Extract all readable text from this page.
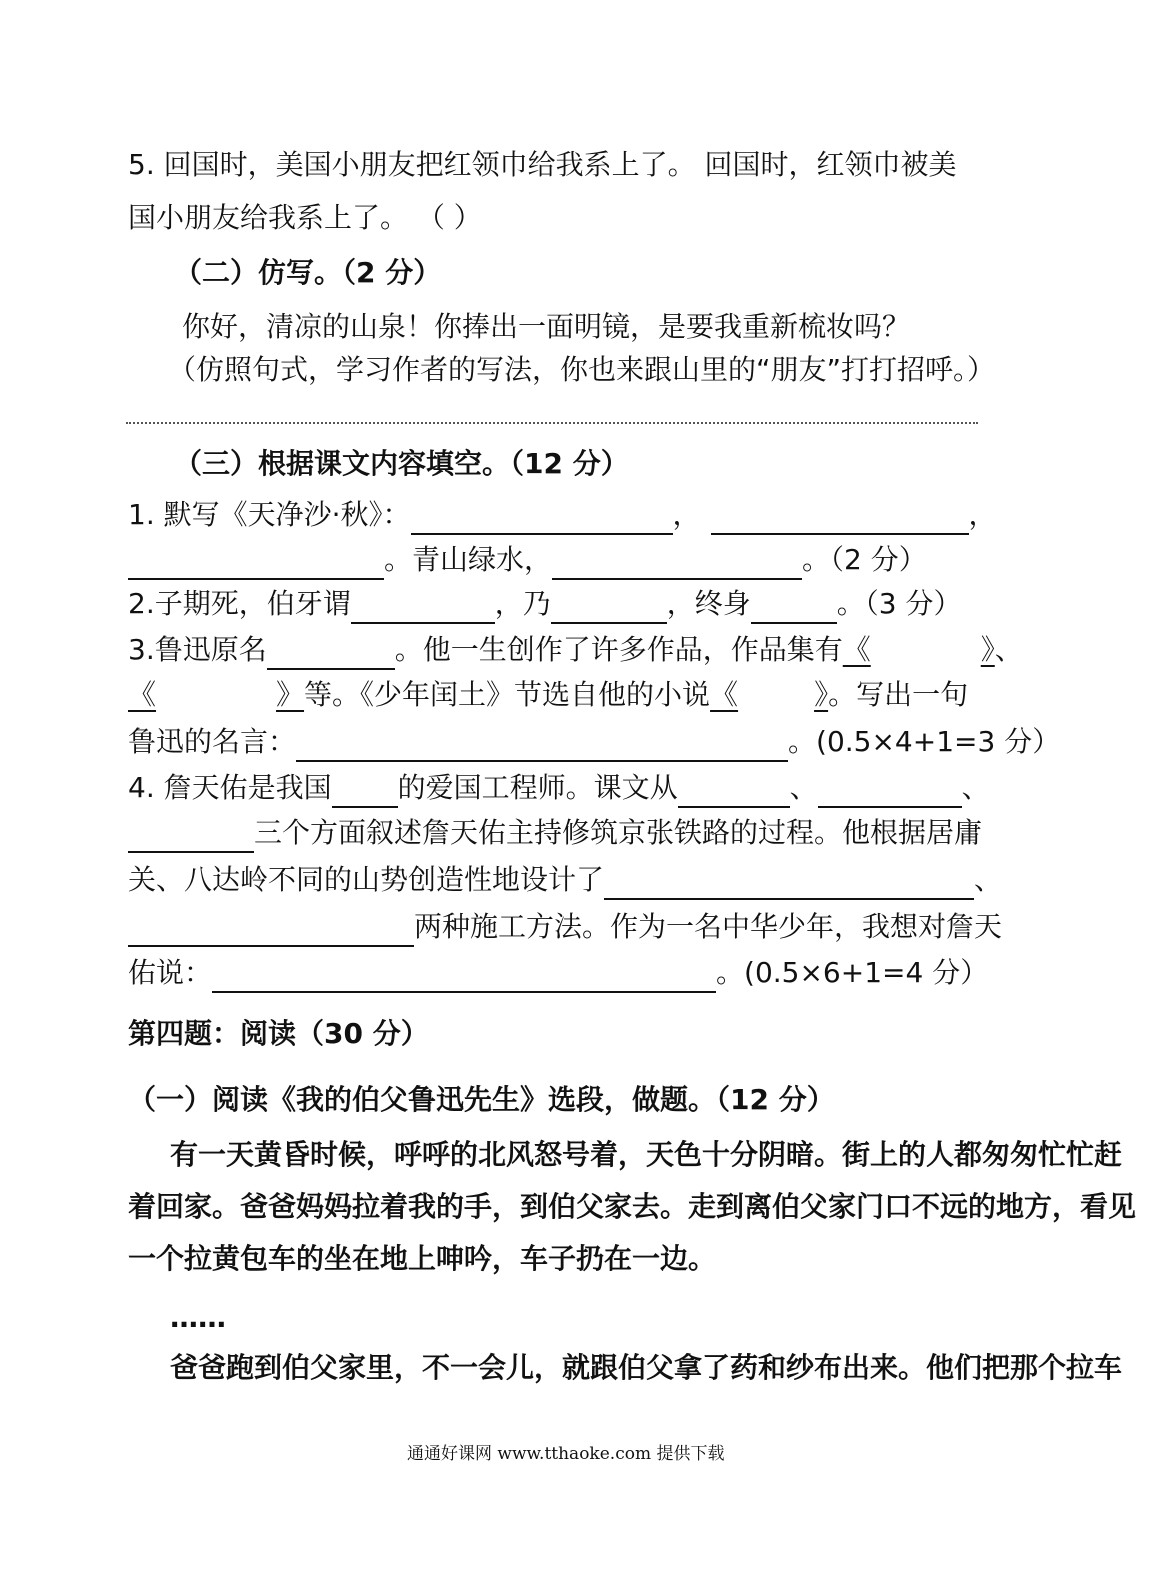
5. 回国时，美国小朋友把红领巾给我系上了。 回国时，红领巾被美
国小朋友给我系上了。 （ ）
（二）仿写。（2 分）
你好，清凉的山泉！你捧出一面明镜，是要我重新梳妆吗？
（仿照句式，学习作者的写法，你也来跟山里的“朋友”打打招呼。）
（三）根据课文内容填空。（12 分）
1. 默写《天净沙·秋》：	，	，
。青山绿水，	。（2 分）
2.子期死，伯牙谓	，乃	，终身	。（3 分）
3.鲁迅原名	。他一生创作了许多作品，作品集有《	》、
《	》等。《少年闰土》节选自他的小说《	》。写出一句
鲁迅的名言：	。(0.5×4+1=3 分）
4. 詹天佑是我国 的爱国工程师。课文从	、	、
三个方面叙述詹天佑主持修筑京张铁路的过程。他根据居庸
关、八达岭不同的山势创造性地设计了	、
两种施工方法。作为一名中华少年，我想对詹天
佑说：	。(0.5×6+1=4 分）
第四题：阅读（30 分）
（一）阅读《我的伯父鲁迅先生》选段，做题。（12 分）
有一天黄昏时候，呼呼的北风怒号着，天色十分阴暗。街上的人都匆匆忙忙赶
着回家。爸爸妈妈拉着我的手，到伯父家去。走到离伯父家门口不远的地方，看见
一个拉黄包车的坐在地上呻吟，车子扔在一边。
……
爸爸跑到伯父家里，不一会儿，就跟伯父拿了药和纱布出来。他们把那个拉车
通通好课网 www.tthaoke.com 提供下载
